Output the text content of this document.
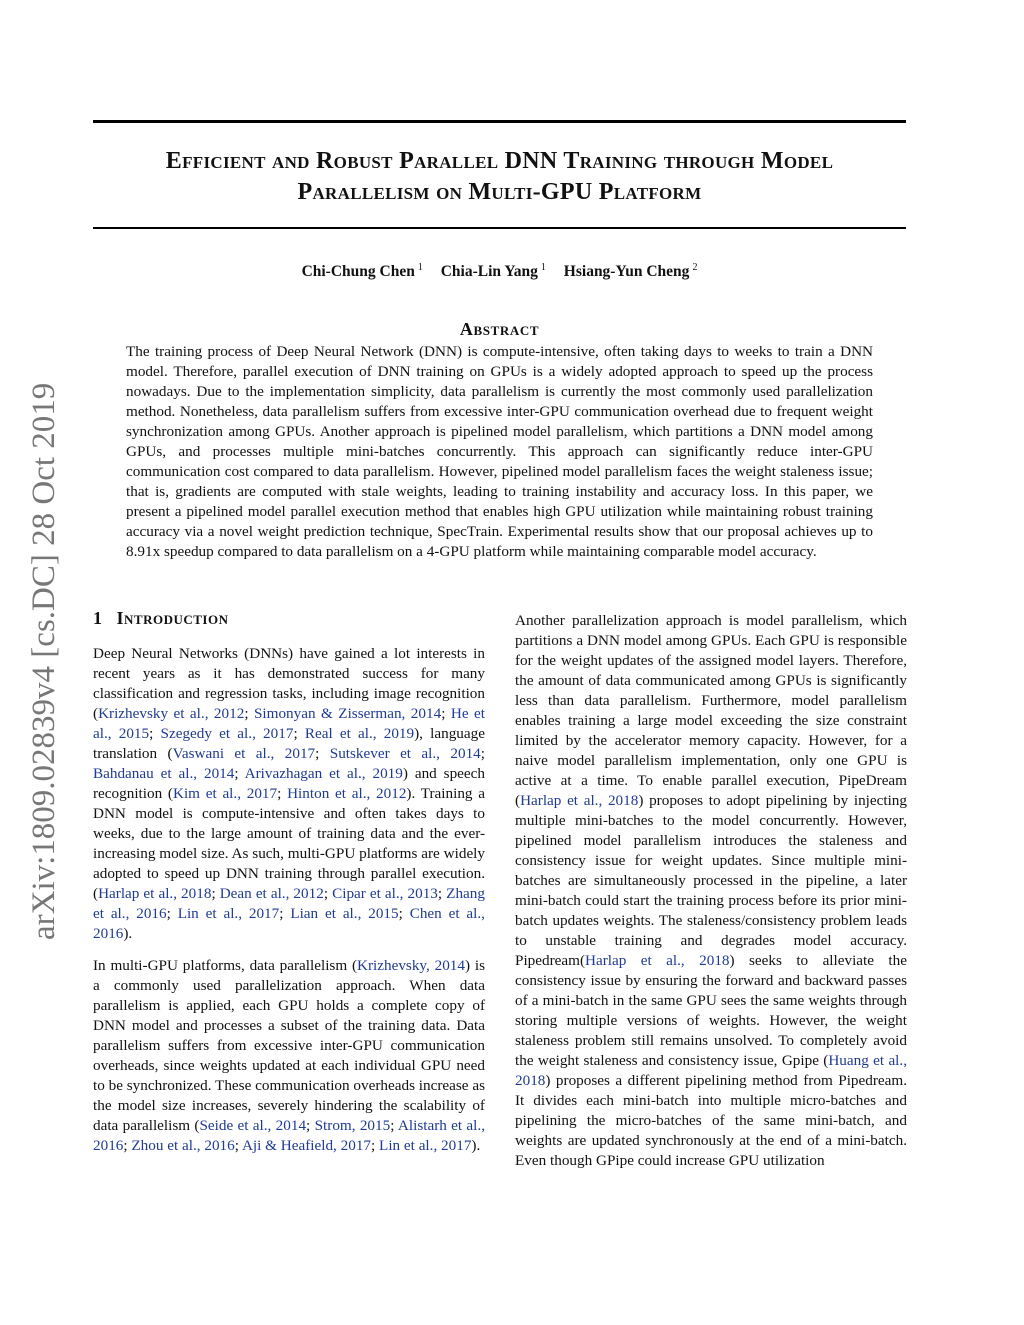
Efficient and Robust Parallel DNN Training through Model
Parallelism on Multi-GPU Platform
Chi-Chung Chen $^1$ Chia-Lin Yang $^1$ Hsiang-Yun Cheng $^2$
Abstract

The training process of Deep Neural Network (DNN) is compute-intensive, often taking days to weeks to train a DNN model. Therefore, parallel execution of DNN training on GPUs is a widely adopted approach to speed up the process nowadays. Due to the implementation simplicity, data parallelism is currently the most commonly used parallelization method. Nonetheless, data parallelism suffers from excessive inter-GPU communication overhead due to frequent weight synchronization among GPUs. Another approach is pipelined model parallelism, which partitions a DNN model among GPUs, and processes multiple mini-batches concurrently. This approach can significantly reduce inter-GPU communication cost compared to data parallelism. However, pipelined model parallelism faces the weight staleness issue; that is, gradients are computed with stale weights, leading to training instability and accuracy loss. In this paper, we present a pipelined model parallel execution method that enables high GPU utilization while maintaining robust training accuracy via a novel weight prediction technique, SpecTrain. Experimental results show that our proposal achieves up to 8.91x speedup compared to data parallelism on a 4-GPU platform while maintaining comparable model accuracy.

arXiv:1809.02839v4 [cs.DC] 28 Oct 2019 1 Introduction

Deep Neural Networks (DNNs) have gained a lot interests in recent years as it has demonstrated success for many classification and regression tasks, including image recognition (Krizhevsky et al., 2012; Simonyan & Zisserman, 2014; He et al., 2015; Szegedy et al., 2017; Real et al., 2019), language translation (Vaswani et al., 2017; Sutskever et al., 2014; Bahdanau et al., 2014; Arivazhagan et al., 2019) and speech recognition (Kim et al., 2017; Hinton et al., 2012). Training a DNN model is compute-intensive and often takes days to weeks, due to the large amount of training data and the ever-increasing model size. As such, multi-GPU platforms are widely adopted to speed up DNN training through parallel execution. (Harlap et al., 2018; Dean et al., 2012; Cipar et al., 2013; Zhang et al., 2016; Lin et al., 2017; Lian et al., 2015; Chen et al., 2016).

In multi-GPU platforms, data parallelism (Krizhevsky, 2014) is a commonly used parallelization approach. When data parallelism is applied, each GPU holds a complete copy of DNN model and processes a subset of the training data. Data parallelism suffers from excessive inter-GPU communication overheads, since weights updated at each individual GPU need to be synchronized. These communication overheads increase as the model size increases, severely hindering the scalability of data parallelism (Seide et al., 2014; Strom, 2015; Alistarh et al., 2016; Zhou et al., 2016; Aji & Heafield, 2017; Lin et al., 2017).

Another parallelization approach is model parallelism, which partitions a DNN model among GPUs. Each GPU is responsible for the weight updates of the assigned model layers. Therefore, the amount of data communicated among GPUs is significantly less than data parallelism. Furthermore, model parallelism enables training a large model exceeding the size constraint limited by the accelerator memory capacity. However, for a naive model parallelism implementation, only one GPU is active at a time. To enable parallel execution, PipeDream (Harlap et al., 2018) proposes to adopt pipelining by injecting multiple mini-batches to the model concurrently. However, pipelined model parallelism introduces the staleness and consistency issue for weight updates. Since multiple mini-batches are simultaneously processed in the pipeline, a later mini-batch could start the training process before its prior mini-batch updates weights. The staleness/consistency problem leads to unstable training and degrades model accuracy. Pipedream(Harlap et al., 2018) seeks to alleviate the consistency issue by ensuring the forward and backward passes of a mini-batch in the same GPU sees the same weights through storing multiple versions of weights. However, the weight staleness problem still remains unsolved. To completely avoid the weight staleness and consistency issue, Gpipe (Huang et al., 2018) proposes a different pipelining method from Pipedream. It divides each mini-batch into multiple micro-batches and pipelining the micro-batches of the same mini-batch, and weights are updated synchronously at the end of a mini-batch. Even though GPipe could increase GPU utilization
